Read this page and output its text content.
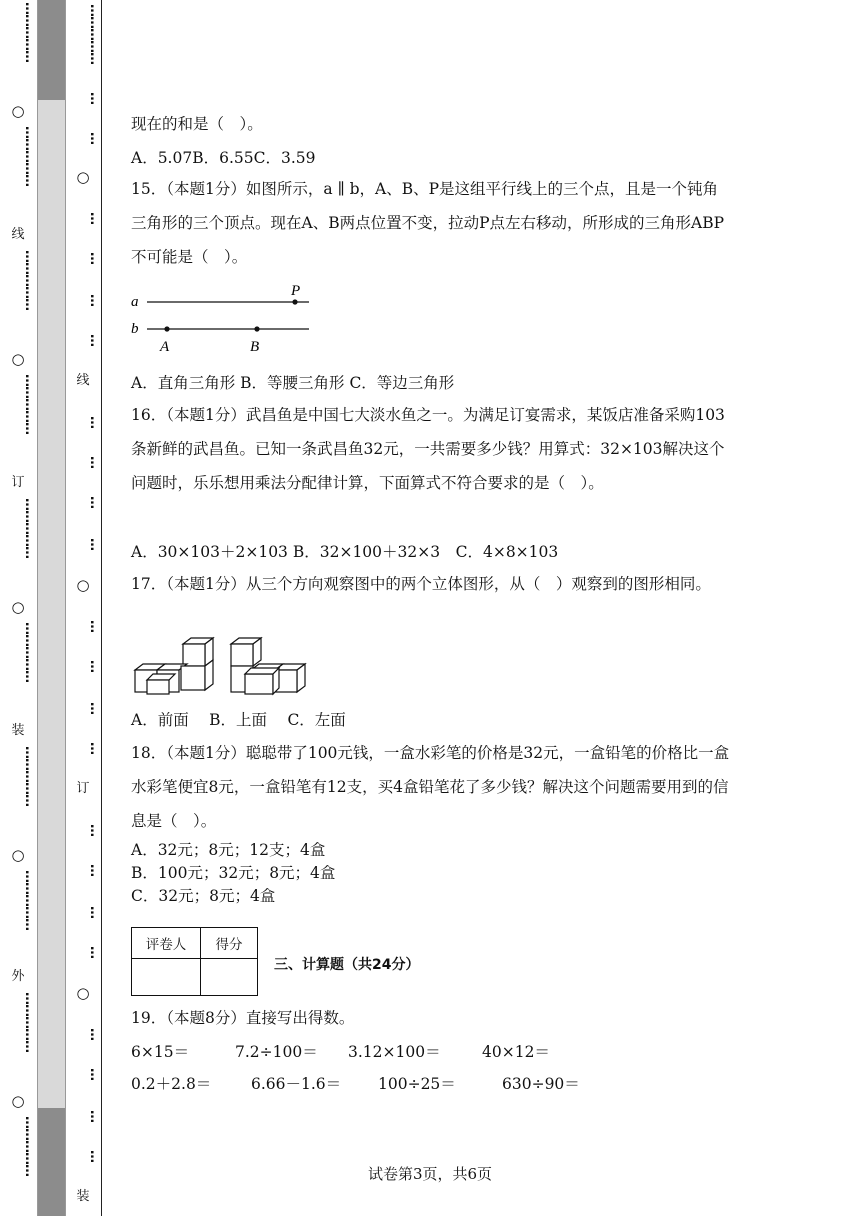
……………
○
……………
线
……………
○
……………
订
……………
○
……………
装
……………
○
……………
外
……………
○
……………
……………
…
…
○
…
…
…
…
线
…
…
…
…
○
…
…
…
…
订
…
…
…
…
○
…
…
…
…
装
现在的和是（　）。
A．5.07B．6.55C．3.59
15．（本题1分）如图所示，a ∥ b，A、B、P是这组平行线上的三个点，且是一个钝角三角形的三个顶点。现在A、B两点位置不变，拉动P点左右移动，所形成的三角形ABP不可能是（　）。
a
b
P
A	B
A．直角三角形 B．等腰三角形 C．等边三角形
16．（本题1分）武昌鱼是中国七大淡水鱼之一。为满足订宴需求，某饭店准备采购103条新鲜的武昌鱼。已知一条武昌鱼32元，一共需要多少钱？用算式：32×103解决这个问题时，乐乐想用乘法分配律计算，下面算式不符合要求的是（　）。
A．30×103＋2×103 B．32×100＋32×3　C．4×8×103
17．（本题1分）从三个方向观察图中的两个立体图形，从（　）观察到的图形相同。
A．前面　 B．上面　 C．左面
18．（本题1分）聪聪带了100元钱，一盒水彩笔的价格是32元，一盒铅笔的价格比一盒水彩笔便宜8元，一盒铅笔有12支，买4盒铅笔花了多少钱？解决这个问题需要用到的信息是（　）。
A．32元；8元；12支；4盒
B．100元；32元；8元；4盒
C．32元；8元；4盒
评卷人	得分

三、计算题（共24分）
19．（本题8分）直接写出得数。
6×15＝	7.2÷100＝ 3.12×100＝	40×12＝
0.2＋2.8＝	6.66－1.6＝ 100÷25＝	630÷90＝
试卷第3页，共6页
